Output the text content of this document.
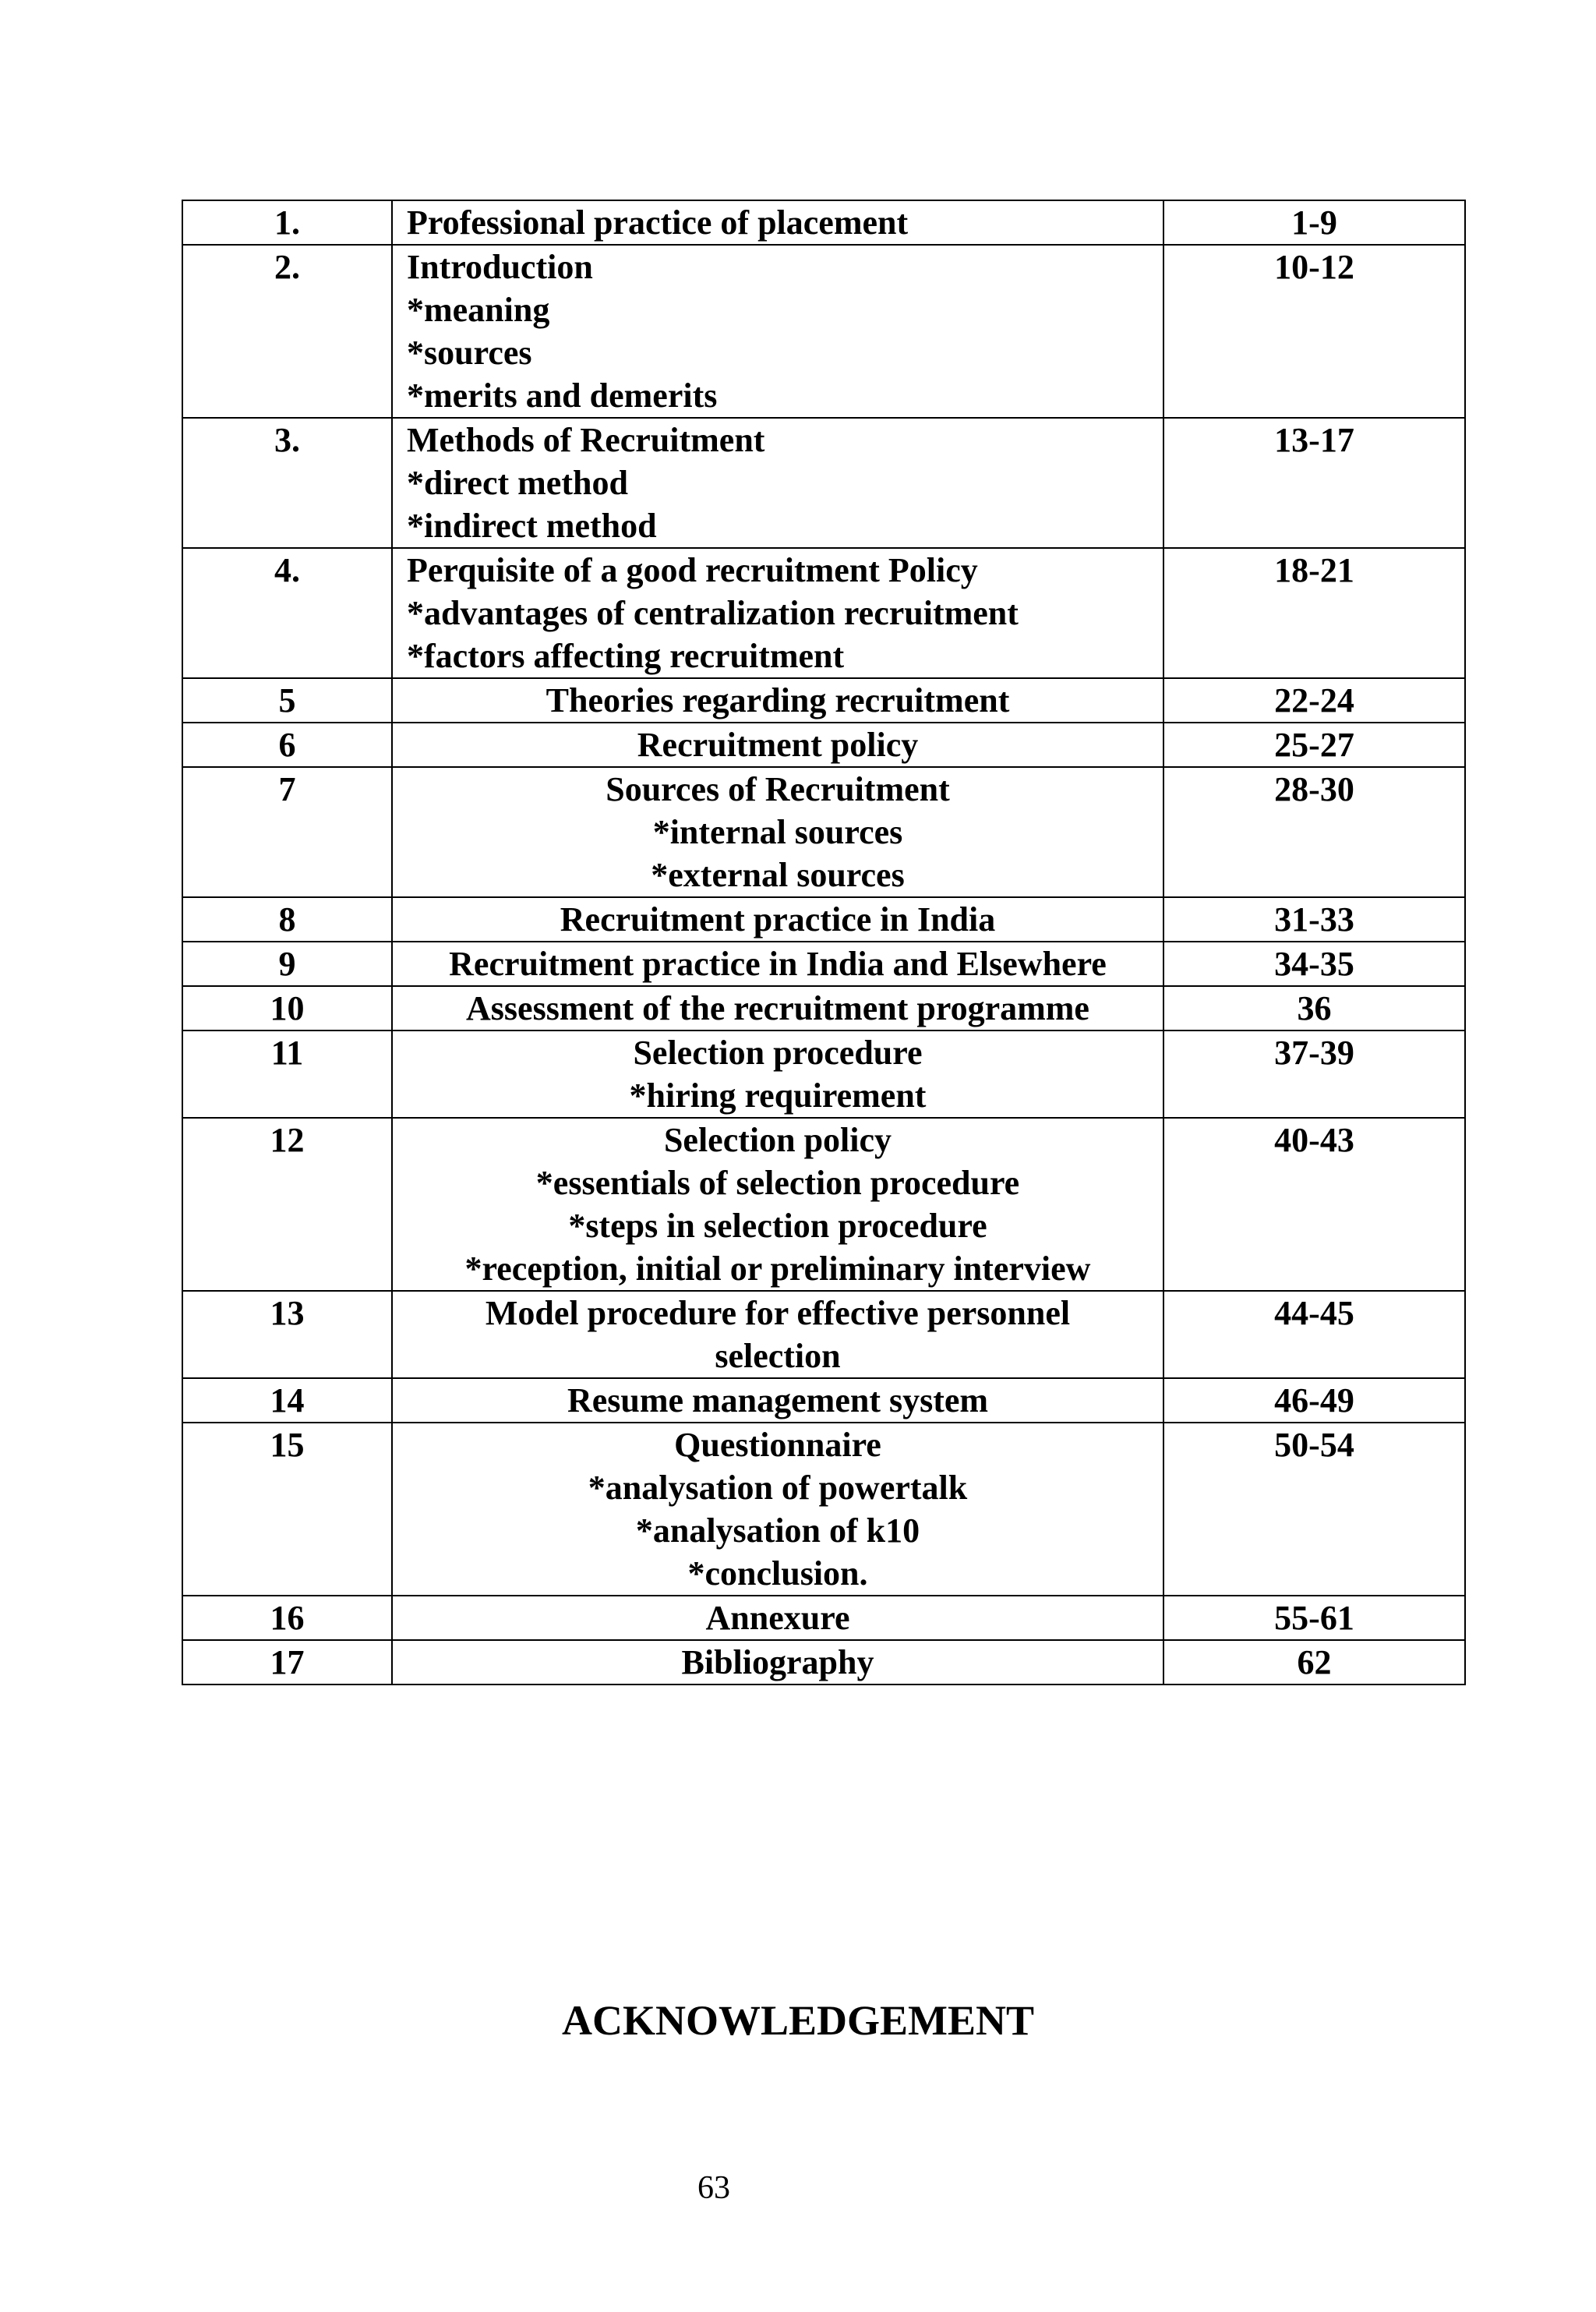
1.	Professional practice of placement	1-9
2.	Introduction
*meaning
*sources
*merits and demerits	10-12
3.	Methods of Recruitment
*direct method
*indirect method	13-17
4.	Perquisite of a good recruitment Policy
*advantages of centralization recruitment
*factors affecting recruitment	18-21
5	Theories regarding recruitment	22-24
6	Recruitment policy	25-27
7	Sources of Recruitment
*internal sources
*external sources	28-30
8	Recruitment practice in India	31-33
9	Recruitment practice in India and Elsewhere	34-35
10	Assessment of the recruitment programme	36
11	Selection procedure
*hiring requirement	37-39
12	Selection policy
*essentials of selection procedure
*steps in selection procedure
*reception, initial or preliminary interview	40-43
13	Model procedure for effective personnel
selection	44-45
14	Resume management system	46-49
15	Questionnaire
*analysation of powertalk
*analysation of k10
*conclusion.	50-54
16	Annexure	55-61
17	Bibliography	62
ACKNOWLEDGEMENT
63
